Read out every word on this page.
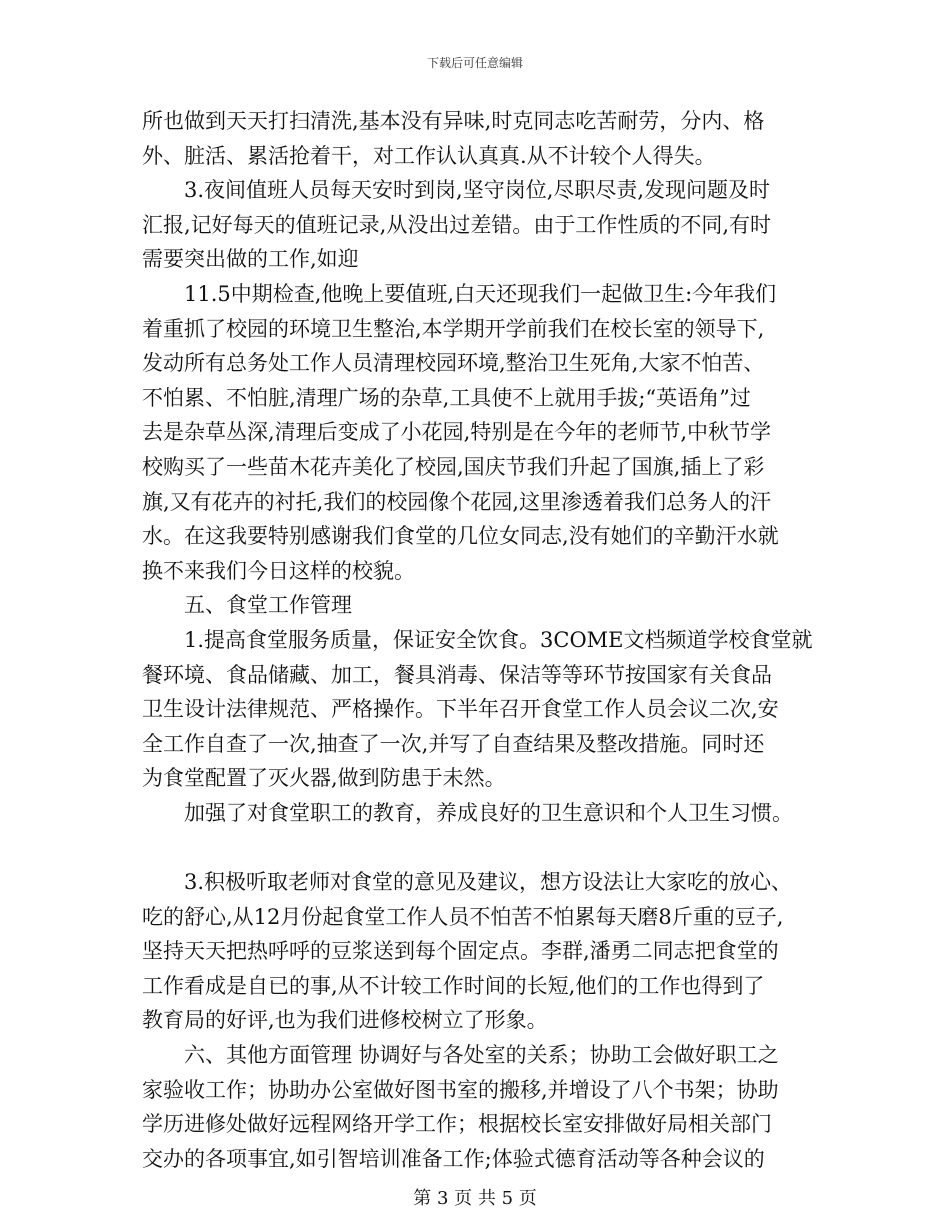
下载后可任意编辑
所也做到天天打扫清洗,基本没有异味,时克同志吃苦耐劳，分内、格
外、脏活、累活抢着干，对工作认认真真.从不计较个人得失。
3.夜间值班人员每天安时到岗,坚守岗位,尽职尽责,发现问题及时
汇报,记好每天的值班记录,从没出过差错。由于工作性质的不同,有时
需要突出做的工作,如迎
11.5中期检查,他晚上要值班,白天还现我们一起做卫生:今年我们
着重抓了校园的环境卫生整治,本学期开学前我们在校长室的领导下,
发动所有总务处工作人员清理校园环境,整治卫生死角,大家不怕苦、
不怕累、不怕脏,清理广场的杂草,工具使不上就用手拔;“英语角”过
去是杂草丛深,清理后变成了小花园,特别是在今年的老师节,中秋节学
校购买了一些苗木花卉美化了校园,国庆节我们升起了国旗,插上了彩
旗,又有花卉的衬托,我们的校园像个花园,这里渗透着我们总务人的汗
水。在这我要特别感谢我们食堂的几位女同志,没有她们的辛勤汗水就
换不来我们今日这样的校貌。
五、食堂工作管理
1.提高食堂服务质量，保证安全饮食。3COME文档频道学校食堂就
餐环境、食品储藏、加工，餐具消毒、保洁等等环节按国家有关食品
卫生设计法律规范、严格操作。下半年召开食堂工作人员会议二次,安
全工作自查了一次,抽查了一次,并写了自查结果及整改措施。同时还
为食堂配置了灭火器,做到防患于未然。
加强了对食堂职工的教育，养成良好的卫生意识和个人卫生习惯。
3.积极听取老师对食堂的意见及建议，想方设法让大家吃的放心、
吃的舒心,从12月份起食堂工作人员不怕苦不怕累每天磨8斤重的豆子,
坚持天天把热呼呼的豆浆送到每个固定点。李群,潘勇二同志把食堂的
工作看成是自已的事,从不计较工作时间的长短,他们的工作也得到了
教育局的好评,也为我们进修校树立了形象。
六、其他方面管理 协调好与各处室的关系；协助工会做好职工之
家验收工作；协助办公室做好图书室的搬移,并增设了八个书架；协助
学历进修处做好远程网络开学工作；根据校长室安排做好局相关部门
交办的各项事宜,如引智培训准备工作;体验式德育活动等各种会议的
第 3 页 共 5 页
